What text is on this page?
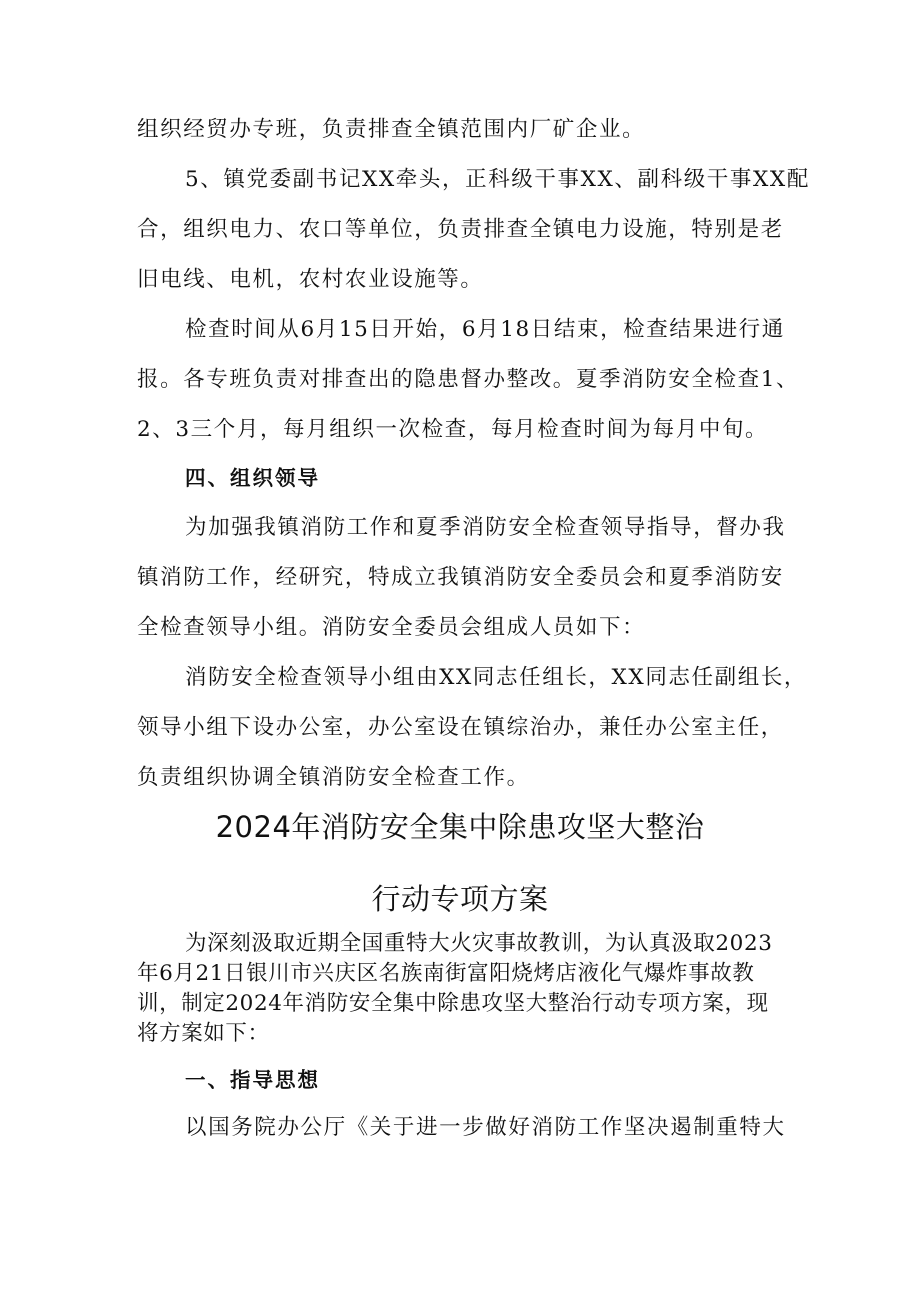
组织经贸办专班，负责排查全镇范围内厂矿企业。
5、镇党委副书记XX牵头，正科级干事XX、副科级干事XX配
合，组织电力、农口等单位，负责排查全镇电力设施，特别是老
旧电线、电机，农村农业设施等。
检查时间从6月15日开始，6月18日结束，检查结果进行通
报。各专班负责对排查出的隐患督办整改。夏季消防安全检查1、
2、3三个月，每月组织一次检查，每月检查时间为每月中旬。
四、组织领导
为加强我镇消防工作和夏季消防安全检查领导指导，督办我
镇消防工作，经研究，特成立我镇消防安全委员会和夏季消防安
全检查领导小组。消防安全委员会组成人员如下：
消防安全检查领导小组由XX同志任组长，XX同志任副组长，
领导小组下设办公室，办公室设在镇综治办，兼任办公室主任，
负责组织协调全镇消防安全检查工作。
2024年消防安全集中除患攻坚大整治
行动专项方案
为深刻汲取近期全国重特大火灾事故教训，为认真汲取2023
年6月21日银川市兴庆区名族南街富阳烧烤店液化气爆炸事故教
训，制定2024年消防安全集中除患攻坚大整治行动专项方案，现
将方案如下：
一、指导思想
以国务院办公厅《关于进一步做好消防工作坚决遏制重特大
